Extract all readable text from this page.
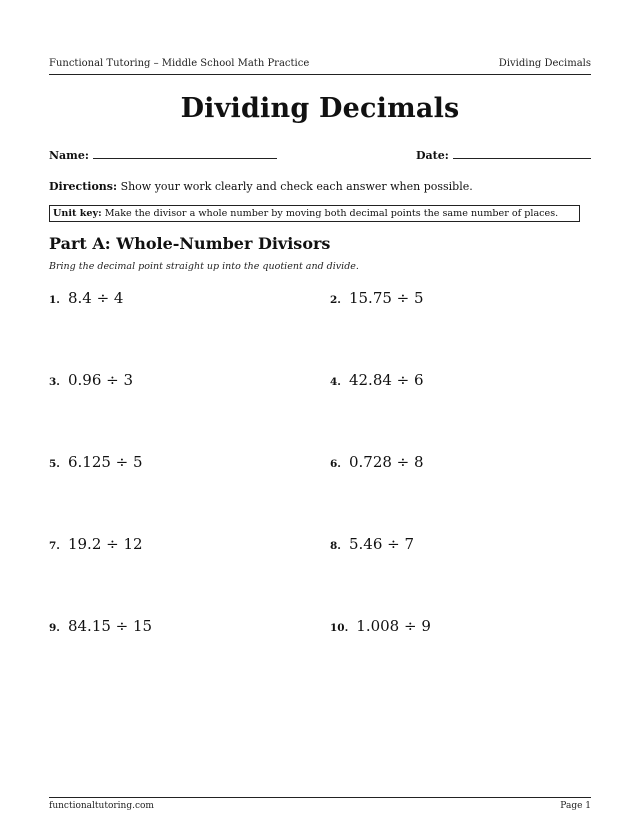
Functional Tutoring – Middle School Math Practice	Dividing Decimals
Dividing Decimals
Name:	Date:
Directions: Show your work clearly and check each answer when possible.
Unit key: Make the divisor a whole number by moving both decimal points the same number of places.
Part A: Whole-Number Divisors
Bring the decimal point straight up into the quotient and divide.
1. 8.4 ÷ 4	2. 15.75 ÷ 5
3. 0.96 ÷ 3	4. 42.84 ÷ 6
5. 6.125 ÷ 5	6. 0.728 ÷ 8
7. 19.2 ÷ 12	8. 5.46 ÷ 7
9. 84.15 ÷ 15	10. 1.008 ÷ 9
functionaltutoring.com	Page 1
